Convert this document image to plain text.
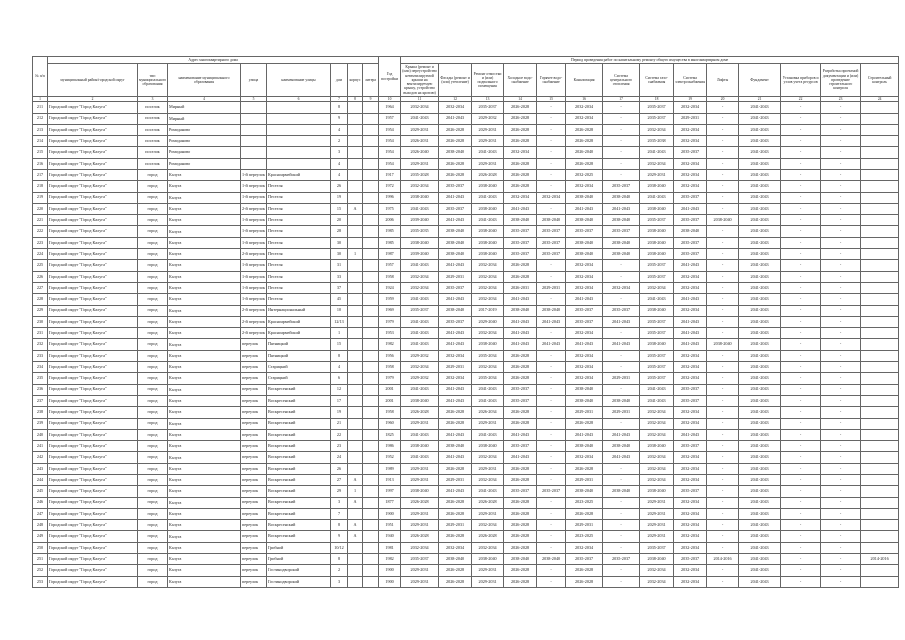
№ п/п	Адрес многоквартирного дома								Год постройки	Период проведения работ по капитальному ремонту общего имущества в многоквартирном доме													
	муниципальный район/городской округ	тип муниципального образования	наименование муниципального образования	улица	наименование улицы	дом	корпус	литера		Крыша (ремонт и (или) переустройство невентилируемой крыши на вентилируемую крышу, устройство выходов на кровлю)	Фасады (ремонт и (или) утепление)	Ремонт отмостки и (или) подвального помещения	Холодное водо-снабжение	Горячее водо-снабжение	Канализация	Система центрального отопления	Система газо-снабжения	Система электроснабжения	Лифты	Фундамент	Установка приборов и узлов учета ресурсов	Разработка проектной документации и (или) проведение строительного контроля	Строительный контроль
1	2	3	4	5	6	7	8	9	10	11	12	13	14	15	16	17	18	19	20	21	22	23	24
211	Городской округ "Город Калуга"	поселок	Мирный			8			1964	2032-2034	2032-2034	2035-2037	2026-2028	-	2032-2034	-	2035-2037	2032-2034	-	2041-2043	-	-	
212	Городской округ "Город Калуга"	поселок	Мирный			9			1957	2041-2043	2041-2043	2029-2032	2026-2028	-	2032-2034	-	2035-2037	2029-2031	-	2041-2043	-	-	
213	Городской округ "Город Калуга"	поселок	Ромоданово			4			1954	2029-2031	2026-2028	2029-2031	2026-2028	-	2026-2028	-	2032-2034	2032-2034	-	2041-2043	-	-	
214	Городской округ "Город Калуга"	поселок	Ромоданово			2			1954	2026-2031	2026-2028	2029-2031	2026-2028	-	2026-2028	-	2035-2038	2032-2034	-	2041-2043	-	-	
215	Городской округ "Город Калуга"	поселок	Ромоданово			3			1954	2026-2040	2038-2040	2041-2043	2032-2034	-	2026-2040	-	2041-2043	2035-2037	-	2041-2043	-	-	
216	Городской округ "Город Калуга"	поселок	Ромоданово			4			1954	2029-2031	2026-2028	2029-2031	2026-2028	-	2026-2028	-	2032-2034	2032-2034	-	2041-2043	-	-	
217	Городской округ "Город Калуга"	город	Калуга	1-й переулок	Красноармейский	4			1917	2035-2028	2026-2028	2026-2028	2026-2028	-	2032-2025	-	2029-2031	2032-2034	-	2041-2043	-	-	
218	Городской округ "Город Калуга"	город	Калуга	1-й переулок	Пестеля	26			1972	2032-2034	2035-2037	2038-2040	2026-2028	-	2032-2034	2035-2037	2038-2040	2032-2034	-	2041-2043	-	-	
219	Городской округ "Город Калуга"	город	Калуга	1-й переулок	Пестеля	19			1996	2038-2040	2041-2043	2041-2043	2032-2034	2032-2034	2038-2040	2038-2040	2041-2043	2035-2037	-	2041-2043	-	-	
220	Городской округ "Город Калуга"	город	Калуга	2-й переулок	Пестеля	15	А		1975	2041-2043	2035-2037	2038-2040	2041-2043	-	2041-2043	2041-2043	2038-2040	2041-2043	-	2041-2043	-	-	
221	Городской округ "Город Калуга"	город	Калуга	1-й переулок	Пестеля	20			2006	2039-2040	2041-2043	2041-2043	2038-2040	2038-2040	2038-2040	2038-2040	2035-2037	2035-2037	2038-2040	2041-2043	-	-	
222	Городской округ "Город Калуга"	город	Калуга	1-й переулок	Пестеля	28			1985	2035-2035	2038-2040	2038-2040	2035-2037	2035-2037	2035-2037	2035-2037	2038-2040	2038-2040	-	2041-2043	-	-	
223	Городской округ "Город Калуга"	город	Калуга	1-й переулок	Пестеля	30			1985	2038-2040	2038-2040	2038-2040	2035-2037	2035-2037	2038-2040	2038-2040	2038-2040	2035-2037	-	2041-2043	-	-	
224	Городской округ "Город Калуга"	город	Калуга	2-й переулок	Пестеля	30	1		1987	2039-2040	2038-2040	2038-2040	2035-2037	2035-2037	2038-2040	2038-2040	2038-2040	2035-2037	-	2041-2043	-	-	
225	Городской округ "Город Калуга"	город	Калуга	1-й переулок	Пестеля	31			1957	2041-2043	2041-2043	2032-2034	2026-2028	-	2032-2034	-	2035-2037	2041-2043	-	2041-2043	-	-	
226	Городской округ "Город Калуга"	город	Калуга	1-й переулок	Пестеля	33			1958	2032-2034	2029-2031	2032-2034	2026-2028	-	2032-2034	-	2035-2037	2032-2034	-	2041-2043	-	-	
227	Городской округ "Город Калуга"	город	Калуга	1-й переулок	Пестеля	37			1924	2032-2034	2035-2037	2032-2034	2026-2031	2029-2031	2032-2034	2032-2034	2032-2034	2032-2034	-	2041-2043	-	-	
228	Городской округ "Город Калуга"	город	Калуга	1-й переулок	Пестеля	45			1959	2041-2043	2041-2043	2032-2034	2041-2043	-	2041-2043	-	2041-2043	2041-2043	-	2041-2043	-	-	
229	Городской округ "Город Калуга"	город	Калуга	2-й переулок	Интернациональный	10			1969	2035-2037	2038-2040	2017-2019	2038-2040	2038-2040	2035-2037	2035-2037	2038-2040	2032-2034	-	2041-2043	-	-	
230	Городской округ "Город Калуга"	город	Калуга	2-й переулок	Красноармейский	12/13			1979	2041-2043	2035-2037	2029-2040	2041-2043	2041-2043	2035-2037	2041-2043	2035-2037	2041-2043	-	2041-2043	-	-	
231	Городской округ "Город Калуга"	город	Калуга	2-й переулок	Красноармейский	1			1953	2041-2043	2041-2043	2032-2034	2041-2043	-	2032-2034	-	2035-2037	2041-2043	-	2041-2043	-	-	
232	Городской округ "Город Калуга"	город	Калуга	переулок	Пятницкий	15			1982	2041-2043	2041-2043	2038-2040	2041-2043	2041-2043	2041-2043	2041-2043	2038-2040	2041-2043	2038-2040	2041-2043	-	-	
233	Городской округ "Город Калуга"	город	Калуга	переулок	Пятницкий	8			1956	2029-2032	2032-2034	2035-2034	2026-2028	-	2032-2034	-	2035-2037	2032-2034	-	2041-2043	-	-	
234	Городской округ "Город Калуга"	город	Калуга	переулок	Старицкий	4			1958	2032-2034	2029-2031	2032-2034	2026-2028	-	2032-2034	-	2035-2037	2032-2034	-	2041-2043	-	-	
235	Городской округ "Город Калуга"	город	Калуга	переулок	Старицкий	6			1979	2029-2032	2032-2034	2035-2034	2026-2028	-	2032-2034	2029-2031	2035-2037	2032-2034	-	2041-2043	-	-	
236	Городской округ "Город Калуга"	город	Калуга	переулок	Воскресенский	12			2001	2041-2043	2041-2043	2041-2043	2035-2037	-	2038-2040	-	2041-2043	2035-2037	-	2041-2043	-	-	
237	Городской округ "Город Калуга"	город	Калуга	переулок	Воскресенский	17			2001	2038-2040	2041-2043	2041-2043	2035-2037	-	2038-2040	2038-2040	2041-2043	2035-2037	-	2041-2043	-	-	
238	Городской округ "Город Калуга"	город	Калуга	переулок	Воскресенский	19			1958	2026-2028	2026-2028	2026-2034	2026-2028	-	2029-2031	2029-2031	2032-2034	2032-2034	-	2041-2043	-	-	
239	Городской округ "Город Калуга"	город	Калуга	переулок	Воскресенский	21			1960	2029-2031	2026-2028	2029-2031	2026-2028	-	2026-2028	-	2032-2034	2032-2034	-	2041-2043	-	-	
240	Городской округ "Город Калуга"	город	Калуга	переулок	Воскресенский	22			1825	2041-2043	2041-2043	2041-2043	2041-2043	-	2041-2043	2041-2043	2032-2034	2041-2043	-	2041-2043	-	-	
241	Городской округ "Город Калуга"	город	Калуга	переулок	Воскресенский	23			1986	2038-2040	2038-2040	2038-2040	2035-2037	-	2038-2040	2038-2040	2038-2040	2035-2037	-	2041-2043	-	-	
242	Городской округ "Город Калуга"	город	Калуга	переулок	Воскресенский	24			1952	2041-2043	2041-2043	2032-2034	2041-2043	-	2032-2034	2041-2043	2032-2034	2032-2034	-	2041-2043	-	-	
243	Городской округ "Город Калуга"	город	Калуга	переулок	Воскресенский	26			1989	2029-2031	2026-2028	2029-2031	2026-2028	-	2026-2028	-	2032-2034	2032-2034	-	2041-2043	-	-	
244	Городской округ "Город Калуга"	город	Калуга	переулок	Воскресенский	27	А		1913	2029-2031	2029-2031	2032-2034	2026-2028	-	2029-2031	-	2032-2034	2032-2034	-	2041-2043	-	-	
245	Городской округ "Город Калуга"	город	Калуга	переулок	Воскресенский	29	1		1997	2038-2040	2041-2043	2041-2043	2035-2037	2035-2037	2038-2040	2038-2040	2038-2040	2035-2037	-	2041-2043	-	-	
246	Городской округ "Город Калуга"	город	Калуга	переулок	Воскресенский	3	А		1877	2026-2028	2026-2028	2026-2028	2026-2028	-	2023-2025	-	2029-2031	2032-2034	-	2041-2043	-	-	
247	Городской округ "Город Калуга"	город	Калуга	переулок	Воскресенский	7			1900	2029-2031	2026-2028	2029-2031	2026-2028	-	2026-2028	-	2029-2031	2032-2034	-	2041-2043	-	-	
248	Городской округ "Город Калуга"	город	Калуга	переулок	Воскресенский	8	А		1951	2029-2031	2029-2031	2032-2034	2026-2028	-	2029-2031	-	2029-2031	2032-2034	-	2041-2043	-	-	
249	Городской округ "Город Калуга"	город	Калуга	переулок	Воскресенский	9	А		1940	2026-2028	2026-2028	2026-2028	2026-2028	-	2023-2025	-	2029-2031	2032-2034	-	2041-2043	-	-	
250	Городской округ "Город Калуга"	город	Калуга	переулок	Грибной	10/12			1981	2032-2034	2032-2034	2032-2034	2026-2028	-	2032-2034	-	2035-2037	2032-2034	-	2041-2043	-	-	
251	Городской округ "Город Калуга"	город	Калуга	переулок	Грибной	8			1982	2035-2037	2038-2040	2038-2040	2038-2040	2038-2040	2035-2037	2035-2037	2038-2040	2035-2037	2014-2016	2041-2043	-	-	2014-2016
252	Городской округ "Город Калуга"	город	Калуга	переулок	Гостинодворский	2			1900	2029-2031	2026-2028	2029-2031	2026-2028	-	2026-2028	-	2032-2034	2032-2034	-	2041-2043	-	-	
253	Городской округ "Город Калуга"	город	Калуга	переулок	Гостинодворский	3			1900	2029-2031	2026-2028	2029-2031	2026-2028	-	2026-2028	-	2032-2034	2032-2034	-	2041-2043	-	-	
